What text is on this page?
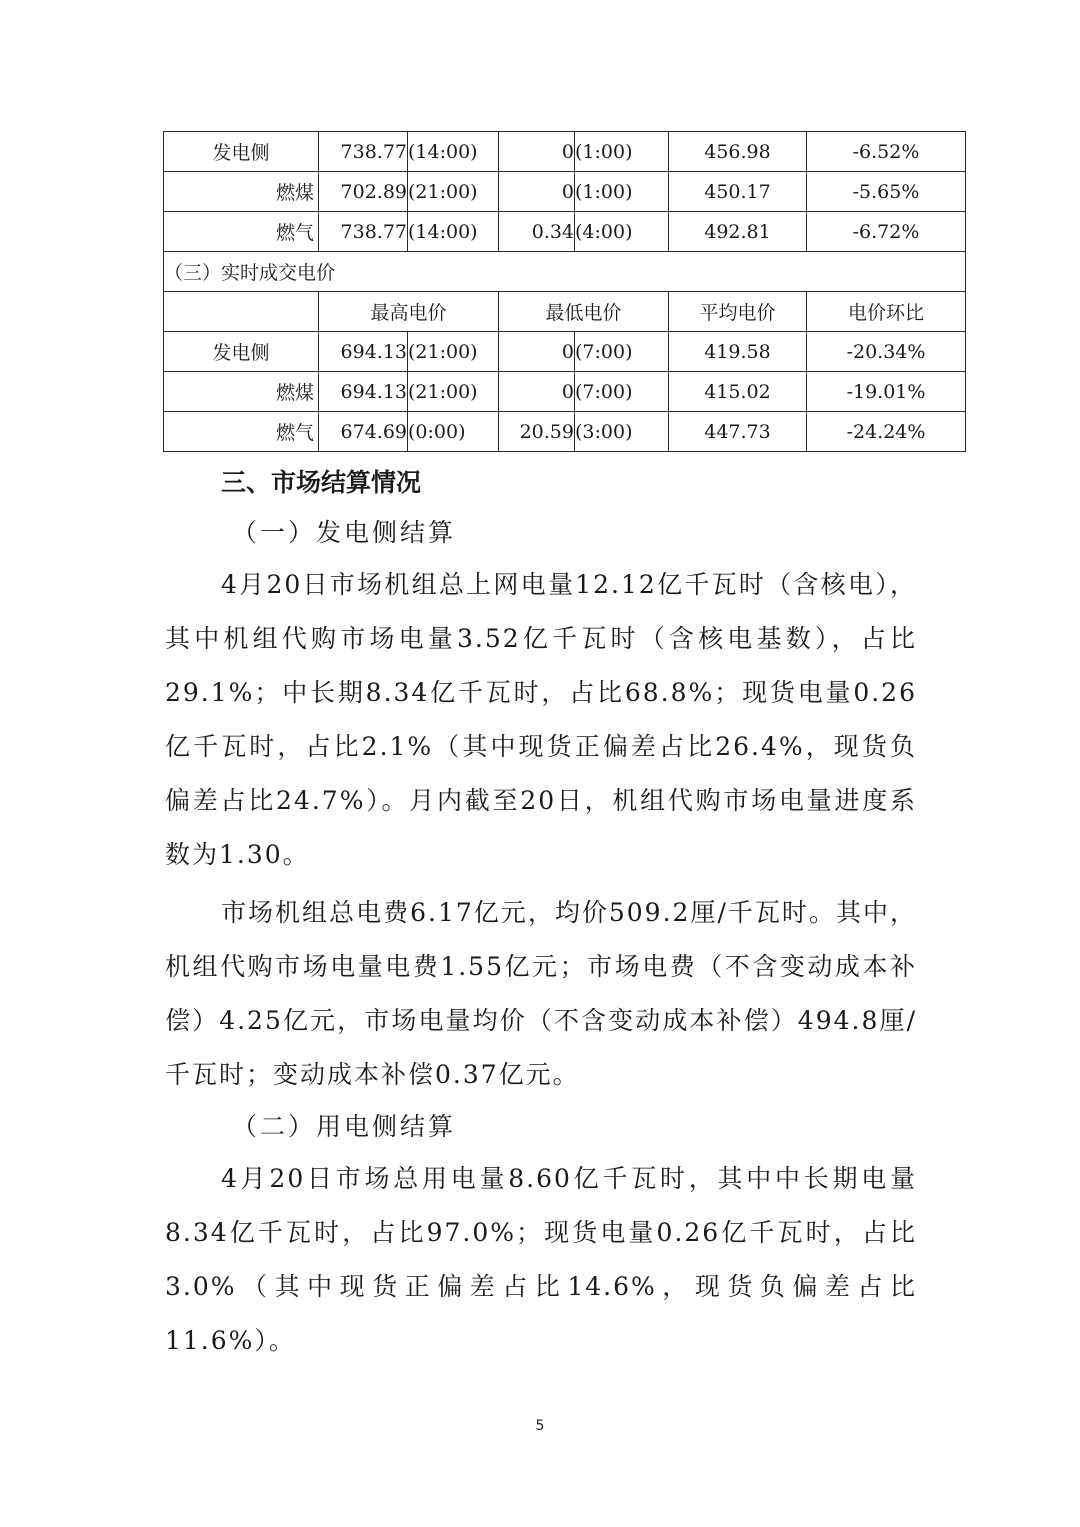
发电侧	738.77	(14:00)	0	(1:00)	456.98	-6.52%
燃煤	702.89	(21:00)	0	(1:00)	450.17	-5.65%
燃气	738.77	(14:00)	0.34	(4:00)	492.81	-6.72%
（三）实时成交电价						
	最高电价		最低电价		平均电价	电价环比
发电侧	694.13	(21:00)	0	(7:00)	419.58	-20.34%
燃煤	694.13	(21:00)	0	(7:00)	415.02	-19.01%
燃气	674.69	(0:00)	20.59	(3:00)	447.73	-24.24%
三、市场结算情况
（一）发电侧结算

4月20日市场机组总上网电量12.12亿千瓦时（含核电），其中机组代购市场电量3.52亿千瓦时（含核电基数），占比29.1%；中长期8.34亿千瓦时，占比68.8%；现货电量0.26亿千瓦时，占比2.1%（其中现货正偏差占比26.4%，现货负偏差占比24.7%）。月内截至20日，机组代购市场电量进度系数为1.30。

市场机组总电费6.17亿元，均价509.2厘/千瓦时。其中，机组代购市场电量电费1.55亿元；市场电费（不含变动成本补偿）4.25亿元，市场电量均价（不含变动成本补偿）494.8厘/千瓦时；变动成本补偿0.37亿元。

（二）用电侧结算

4月20日市场总用电量8.60亿千瓦时，其中中长期电量8.34亿千瓦时，占比97.0%；现货电量0.26亿千瓦时，占比3.0%（其中现货正偏差占比14.6%，现货负偏差占比11.6%）。

5
